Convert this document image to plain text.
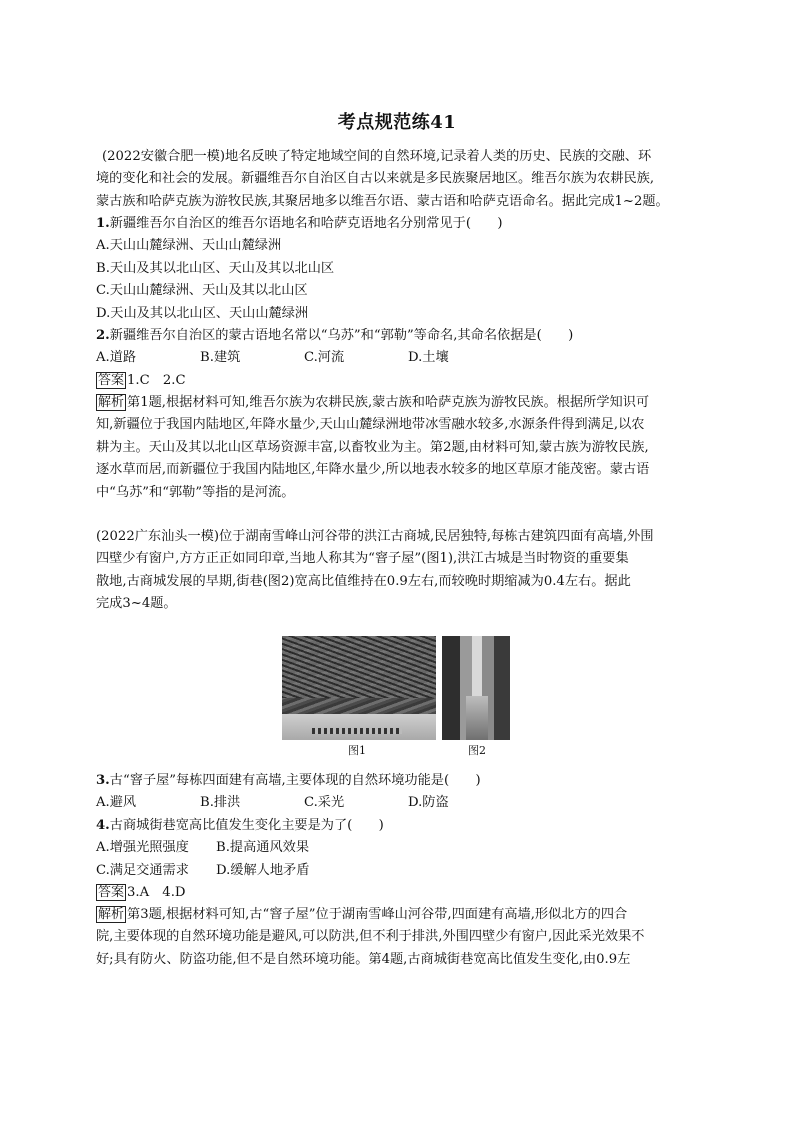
考点规范练41

(2022安徽合肥一模)地名反映了特定地域空间的自然环境,记录着人类的历史、民族的交融、环

境的变化和社会的发展。新疆维吾尔自治区自古以来就是多民族聚居地区。维吾尔族为农耕民族,

蒙古族和哈萨克族为游牧民族,其聚居地多以维吾尔语、蒙古语和哈萨克语命名。据此完成1~2题。

1.新疆维吾尔自治区的维吾尔语地名和哈萨克语地名分别常见于(　　)

A.天山山麓绿洲、天山山麓绿洲

B.天山及其以北山区、天山及其以北山区

C.天山山麓绿洲、天山及其以北山区

D.天山及其以北山区、天山山麓绿洲

2.新疆维吾尔自治区的蒙古语地名常以“乌苏”和“郭勒”等命名,其命名依据是(　　)

A.道路	B.建筑	C.河流	D.土壤

答案 1.C　2.C

解析 第1题,根据材料可知,维吾尔族为农耕民族,蒙古族和哈萨克族为游牧民族。根据所学知识可

知,新疆位于我国内陆地区,年降水量少,天山山麓绿洲地带冰雪融水较多,水源条件得到满足,以农

耕为主。天山及其以北山区草场资源丰富,以畜牧业为主。第2题,由材料可知,蒙古族为游牧民族,

逐水草而居,而新疆位于我国内陆地区,年降水量少,所以地表水较多的地区草原才能茂密。蒙古语

中“乌苏”和“郭勒”等指的是河流。

(2022广东汕头一模)位于湖南雪峰山河谷带的洪江古商城,民居独特,每栋古建筑四面有高墙,外围

四壁少有窗户,方方正正如同印章,当地人称其为“窨子屋”(图1),洪江古城是当时物资的重要集

散地,古商城发展的早期,街巷(图2)宽高比值维持在0.9左右,而较晚时期缩减为0.4左右。据此

完成3~4题。

图1	图2

3.古“窨子屋”每栋四面建有高墙,主要体现的自然环境功能是(　　)

A.避风	B.排洪	C.采光	D.防盗

4.古商城街巷宽高比值发生变化主要是为了(　　)

A.增强光照强度	B.提高通风效果

C.满足交通需求	D.缓解人地矛盾

答案 3.A　4.D

解析 第3题,根据材料可知,古“窨子屋”位于湖南雪峰山河谷带,四面建有高墙,形似北方的四合

院,主要体现的自然环境功能是避风,可以防洪,但不利于排洪,外围四壁少有窗户,因此采光效果不

好;具有防火、防盗功能,但不是自然环境功能。第4题,古商城街巷宽高比值发生变化,由0.9左
